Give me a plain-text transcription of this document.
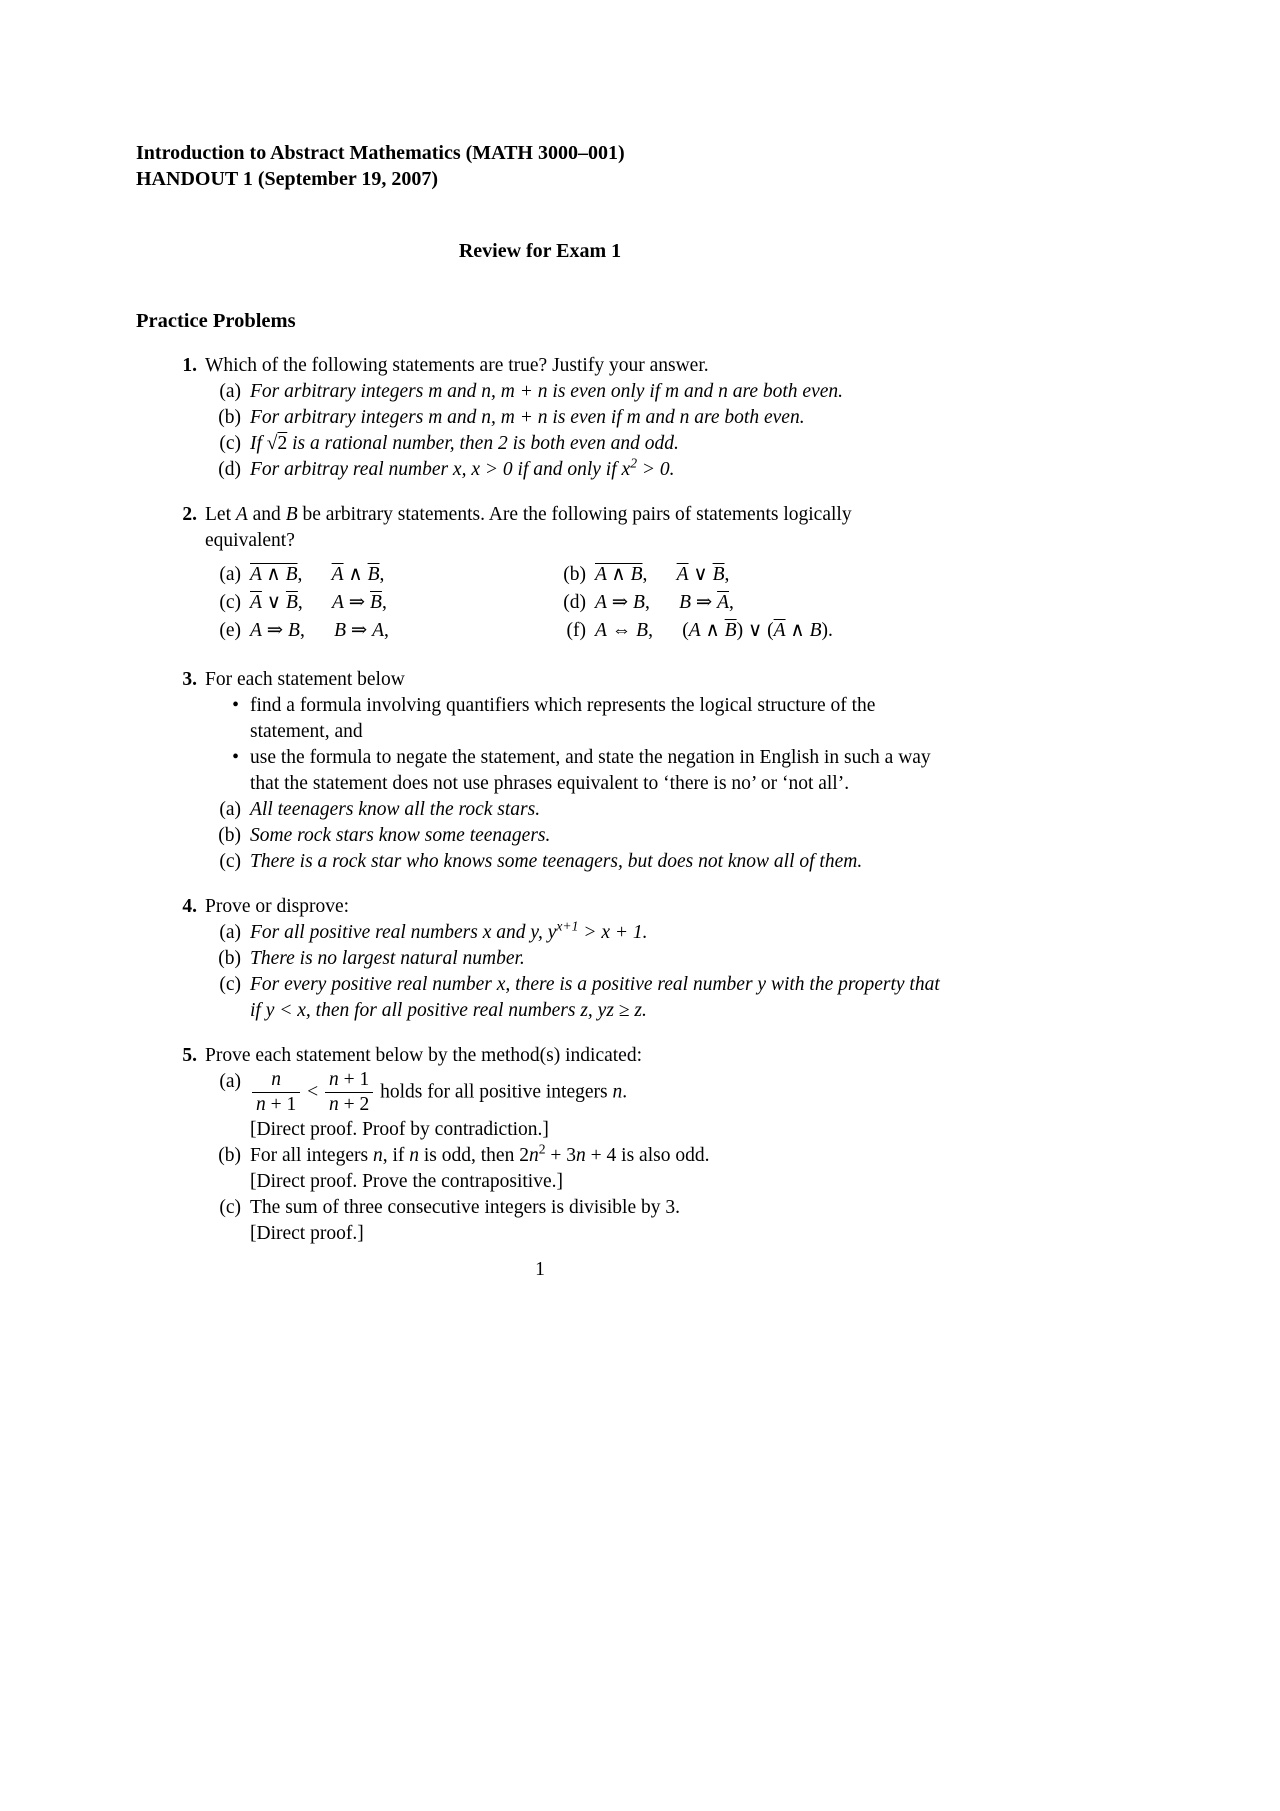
Introduction to Abstract Mathematics (MATH 3000–001)
HANDOUT 1 (September 19, 2007)
Review for Exam 1
Practice Problems
1. Which of the following statements are true? Justify your answer.
(a) For arbitrary integers m and n, m + n is even only if m and n are both even.
(b) For arbitrary integers m and n, m + n is even if m and n are both even.
(c) If √2 is a rational number, then 2 is both even and odd.
(d) For arbitray real number x, x > 0 if and only if $x^2 > 0$.
2. Let A and B be arbitrary statements. Are the following pairs of statements logically equivalent?
(a) A ∧ B,  $\overline{A}$ ∧ $\overline{B}$,	(b) A ∧ B,  $\overline{A}$ ∨ $\overline{B}$,
(c) $\overline{A}$ ∨ $\overline{B}$,  A ⇒ $\overline{B}$,	(d) A ⇒ B,  B ⇒ $\overline{A}$,
(e) A ⇒ B,  B ⇒ A,	(f) A ⇔ B,  (A ∧ $\overline{B}$) ∨ ($\overline{A}$ ∧ B).
3. For each statement below
• find a formula involving quantifiers which represents the logical structure of the statement, and
• use the formula to negate the statement, and state the negation in English in such a way that the statement does not use phrases equivalent to ‘there is no’ or ‘not all’.
(a) All teenagers know all the rock stars.
(b) Some rock stars know some teenagers.
(c) There is a rock star who knows some teenagers, but does not know all of them.
4. Prove or disprove:
(a) For all positive real numbers x and y, $y^{x+1} > x + 1$.
(b) There is no largest natural number.
(c) For every positive real number x, there is a positive real number y with the property that if y < x, then for all positive real numbers z, yz ≥ z.
5. Prove each statement below by the method(s) indicated:
$(a) \frac{n}{n + 1} < \frac{n + 1}{n + 2}$ holds for all positive integers n.
[Direct proof. Proof by contradiction.]
(b) For all integers n, if n is odd, then $2n^2 + 3n + 4$ is also odd.
[Direct proof. Prove the contrapositive.]
(c) The sum of three consecutive integers is divisible by 3.
[Direct proof.]
1
